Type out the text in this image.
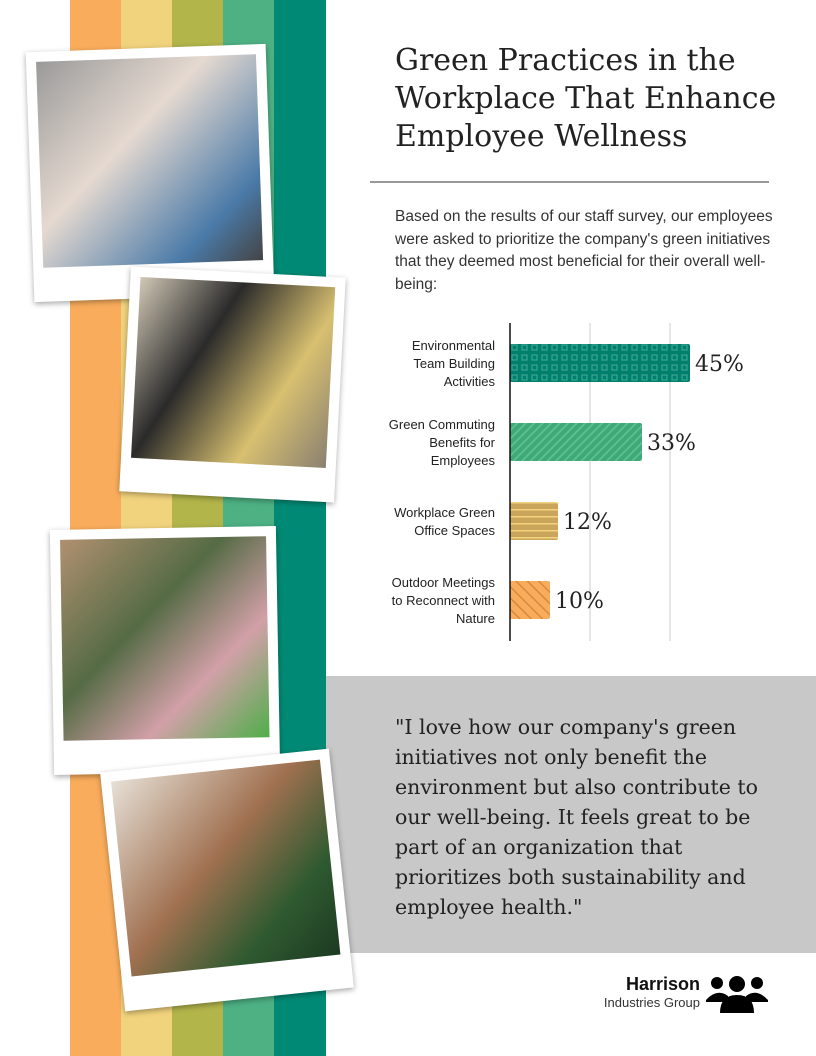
Green Practices in the Workplace That Enhance Employee Wellness

Based on the results of our staff survey, our employees were asked to prioritize the company's green initiatives that they deemed most beneficial for their overall well-being:

45%
Environmental Team Building Activities
33%
Green Commuting Benefits for Employees
12%
Workplace Green Office Spaces
10%
Outdoor Meetings to Reconnect with Nature

"I love how our company's green initiatives not only benefit the environment but also contribute to our well-being. It feels great to be part of an organization that prioritizes both sustainability and employee health."

Harrison
Industries Group
